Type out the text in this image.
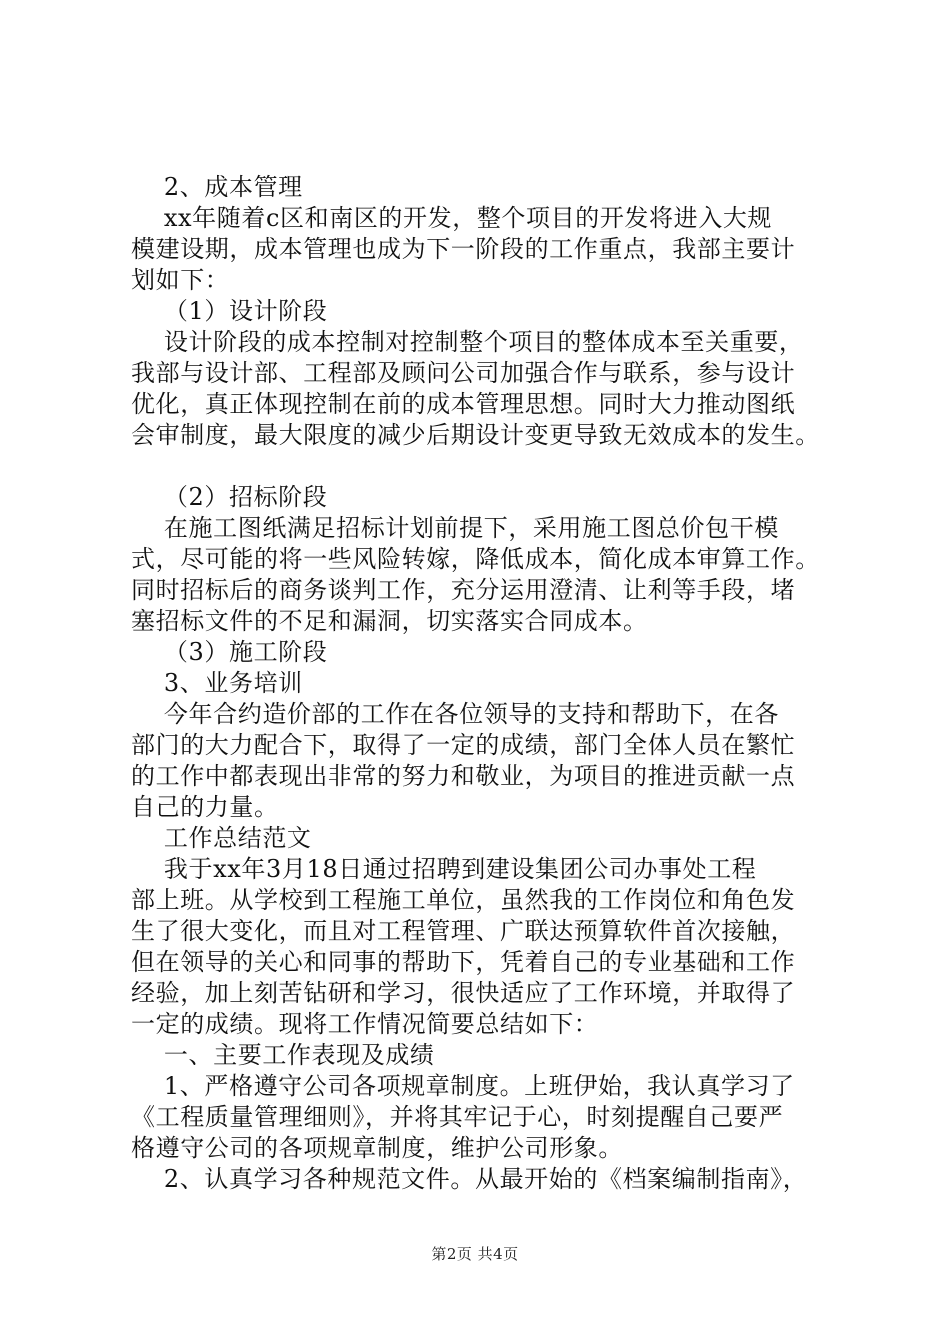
2、成本管理
xx年随着c区和南区的开发，整个项目的开发将进入大规
模建设期，成本管理也成为下一阶段的工作重点，我部主要计
划如下：
（1）设计阶段
设计阶段的成本控制对控制整个项目的整体成本至关重要，
我部与设计部、工程部及顾问公司加强合作与联系，参与设计
优化，真正体现控制在前的成本管理思想。同时大力推动图纸
会审制度，最大限度的减少后期设计变更导致无效成本的发生。
（2）招标阶段
在施工图纸满足招标计划前提下，采用施工图总价包干模
式，尽可能的将一些风险转嫁，降低成本，简化成本审算工作。
同时招标后的商务谈判工作，充分运用澄清、让利等手段，堵
塞招标文件的不足和漏洞，切实落实合同成本。
（3）施工阶段
3、业务培训
今年合约造价部的工作在各位领导的支持和帮助下，在各
部门的大力配合下，取得了一定的成绩，部门全体人员在繁忙
的工作中都表现出非常的努力和敬业，为项目的推进贡献一点
自己的力量。
工作总结范文
我于xx年3月18日通过招聘到建设集团公司办事处工程
部上班。从学校到工程施工单位，虽然我的工作岗位和角色发
生了很大变化，而且对工程管理、广联达预算软件首次接触，
但在领导的关心和同事的帮助下，凭着自己的专业基础和工作
经验，加上刻苦钻研和学习，很快适应了工作环境，并取得了
一定的成绩。现将工作情况简要总结如下：
一、主要工作表现及成绩
1、严格遵守公司各项规章制度。上班伊始，我认真学习了
《工程质量管理细则》，并将其牢记于心，时刻提醒自己要严
格遵守公司的各项规章制度，维护公司形象。
2、认真学习各种规范文件。从最开始的《档案编制指南》，
第2页 共4页
